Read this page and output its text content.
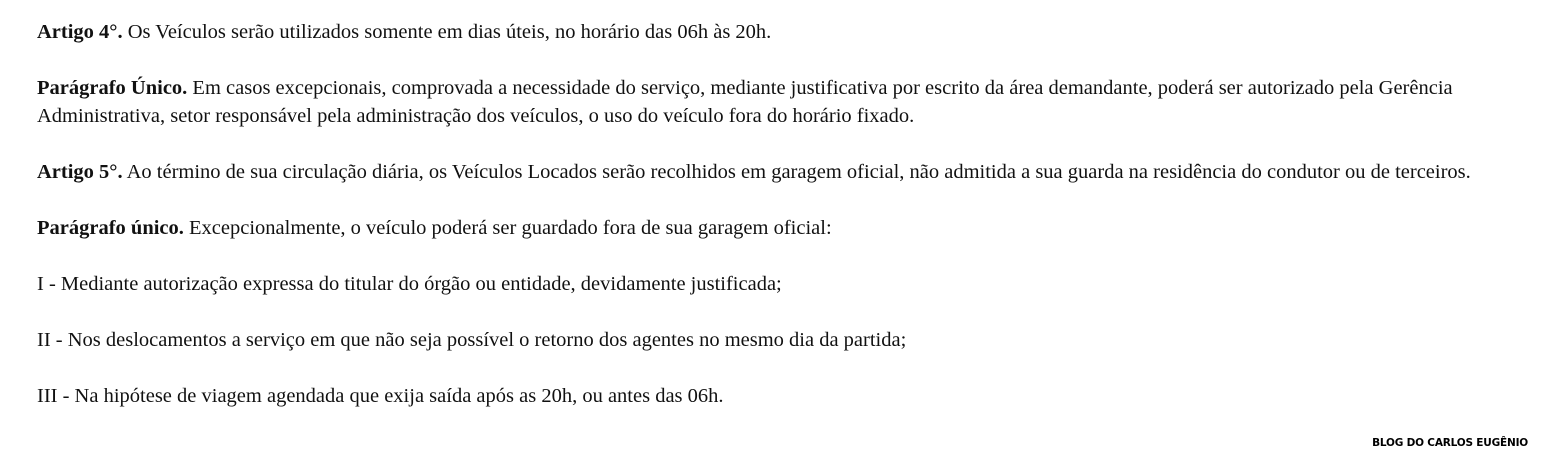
Artigo 4°. Os Veículos serão utilizados somente em dias úteis, no horário das 06h às 20h.

Parágrafo Único. Em casos excepcionais, comprovada a necessidade do serviço, mediante justificativa por escrito da área demandante, poderá ser autorizado pela Gerência Administrativa, setor responsável pela administração dos veículos, o uso do veículo fora do horário fixado.

Artigo 5°. Ao término de sua circulação diária, os Veículos Locados serão recolhidos em garagem oficial, não admitida a sua guarda na residência do condutor ou de terceiros.

Parágrafo único. Excepcionalmente, o veículo poderá ser guardado fora de sua garagem oficial:

I - Mediante autorização expressa do titular do órgão ou entidade, devidamente justificada;

II - Nos deslocamentos a serviço em que não seja possível o retorno dos agentes no mesmo dia da partida;

III - Na hipótese de viagem agendada que exija saída após as 20h, ou antes das 06h.

BLOG DO CARLOS EUGÊNIO
